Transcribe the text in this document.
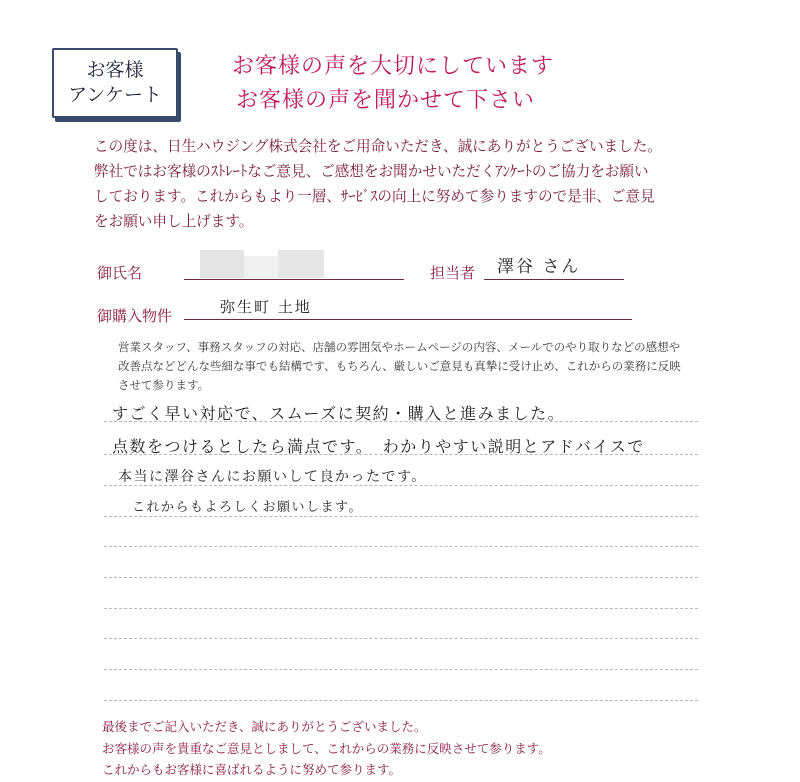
お客様
アンケート
お客様の声を大切にしています
お客様の声を聞かせて下さい
この度は、日生ハウジング株式会社をご用命いただき、誠にありがとうございました。
弊社ではお客様のｽﾄﾚｰﾄなご意見、ご感想をお聞かせいただくｱﾝｹｰﾄのご協力をお願い
しております。これからもより一層、ｻｰﾋﾞｽの向上に努めて参りますので是非、ご意見
をお願い申し上げます。
御氏名	担当者 澤谷 さん
御購入物件	弥生町 土地
営業スタッフ、事務スタッフの対応、店舗の雰囲気やホームページの内容、メールでのやり取りなどの感想や
改善点などどんな些細な事でも結構です、もちろん、厳しいご意見も真摯に受け止め、これからの業務に反映
させて参ります。
すごく早い対応で、スムーズに契約・購入と進みました。
点数をつけるとしたら満点です。　わかりやすい説明とアドバイスで
本当に澤谷さんにお願いして良かったです。
これからもよろしくお願いします。
最後までご記入いただき、誠にありがとうございました。
お客様の声を貴重なご意見としまして、これからの業務に反映させて参ります。
これからもお客様に喜ばれるように努めて参ります。
